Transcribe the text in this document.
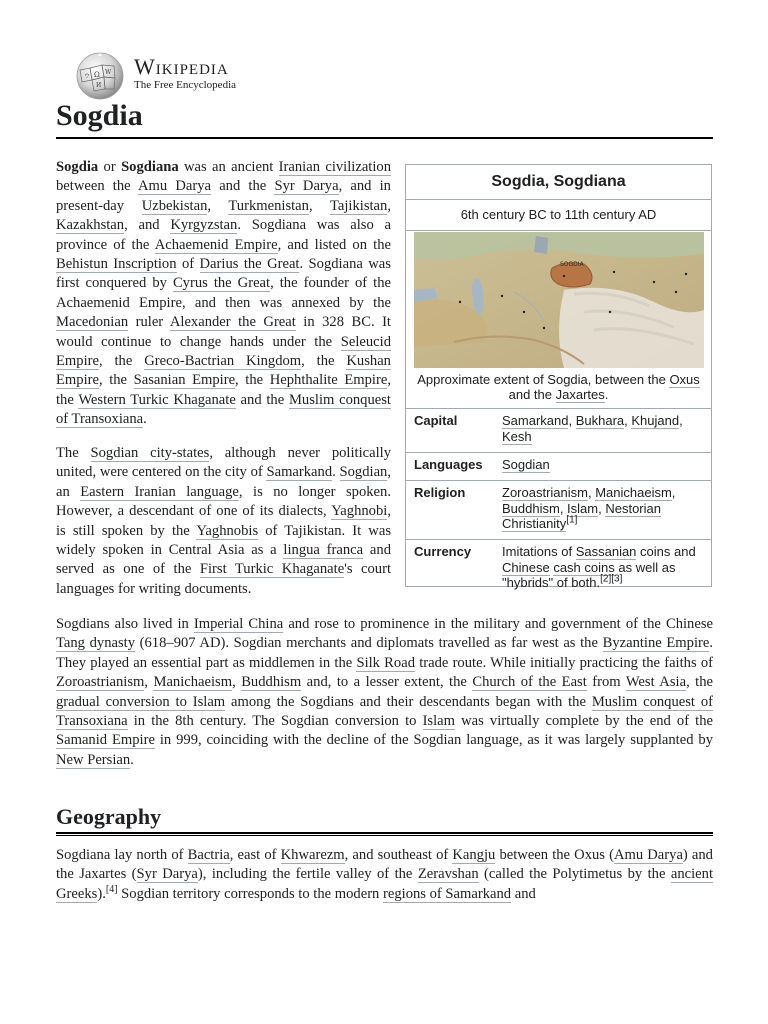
Ω W
И
ウ Wikipedia
The Free Encyclopedia
Sogdia
Sogdia, Sogdiana
6th century BC to 11th century AD
SOGDIA
Approximate extent of Sogdia, between the Oxus and the Jaxartes.
Capital	Samarkand, Bukhara, Khujand, Kesh
Languages	Sogdian
Religion	Zoroastrianism, Manichaeism, Buddhism, Islam, Nestorian Christianity[1]
Currency	Imitations of Sassanian coins and Chinese cash coins as well as "hybrids" of both.[2][3]

Sogdia or Sogdiana was an ancient Iranian civilization between the Amu Darya and the Syr Darya, and in present-day Uzbekistan, Turkmenistan, Tajikistan, Kazakhstan, and Kyrgyzstan. Sogdiana was also a province of the Achaemenid Empire, and listed on the Behistun Inscription of Darius the Great. Sogdiana was first conquered by Cyrus the Great, the founder of the Achaemenid Empire, and then was annexed by the Macedonian ruler Alexander the Great in 328 BC. It would continue to change hands under the Seleucid Empire, the Greco-Bactrian Kingdom, the Kushan Empire, the Sasanian Empire, the Hephthalite Empire, the Western Turkic Khaganate and the Muslim conquest of Transoxiana.

The Sogdian city-states, although never politically united, were centered on the city of Samarkand. Sogdian, an Eastern Iranian language, is no longer spoken. However, a descendant of one of its dialects, Yaghnobi, is still spoken by the Yaghnobis of Tajikistan. It was widely spoken in Central Asia as a lingua franca and served as one of the First Turkic Khaganate's court languages for writing documents.

Sogdians also lived in Imperial China and rose to prominence in the military and government of the Chinese Tang dynasty (618–907 AD). Sogdian merchants and diplomats travelled as far west as the Byzantine Empire. They played an essential part as middlemen in the Silk Road trade route. While initially practicing the faiths of Zoroastrianism, Manichaeism, Buddhism and, to a lesser extent, the Church of the East from West Asia, the gradual conversion to Islam among the Sogdians and their descendants began with the Muslim conquest of Transoxiana in the 8th century. The Sogdian conversion to Islam was virtually complete by the end of the Samanid Empire in 999, coinciding with the decline of the Sogdian language, as it was largely supplanted by New Persian.

Geography

Sogdiana lay north of Bactria, east of Khwarezm, and southeast of Kangju between the Oxus (Amu Darya) and the Jaxartes (Syr Darya), including the fertile valley of the Zeravshan (called the Polytimetus by the ancient Greeks).[4] Sogdian territory corresponds to the modern regions of Samarkand and
